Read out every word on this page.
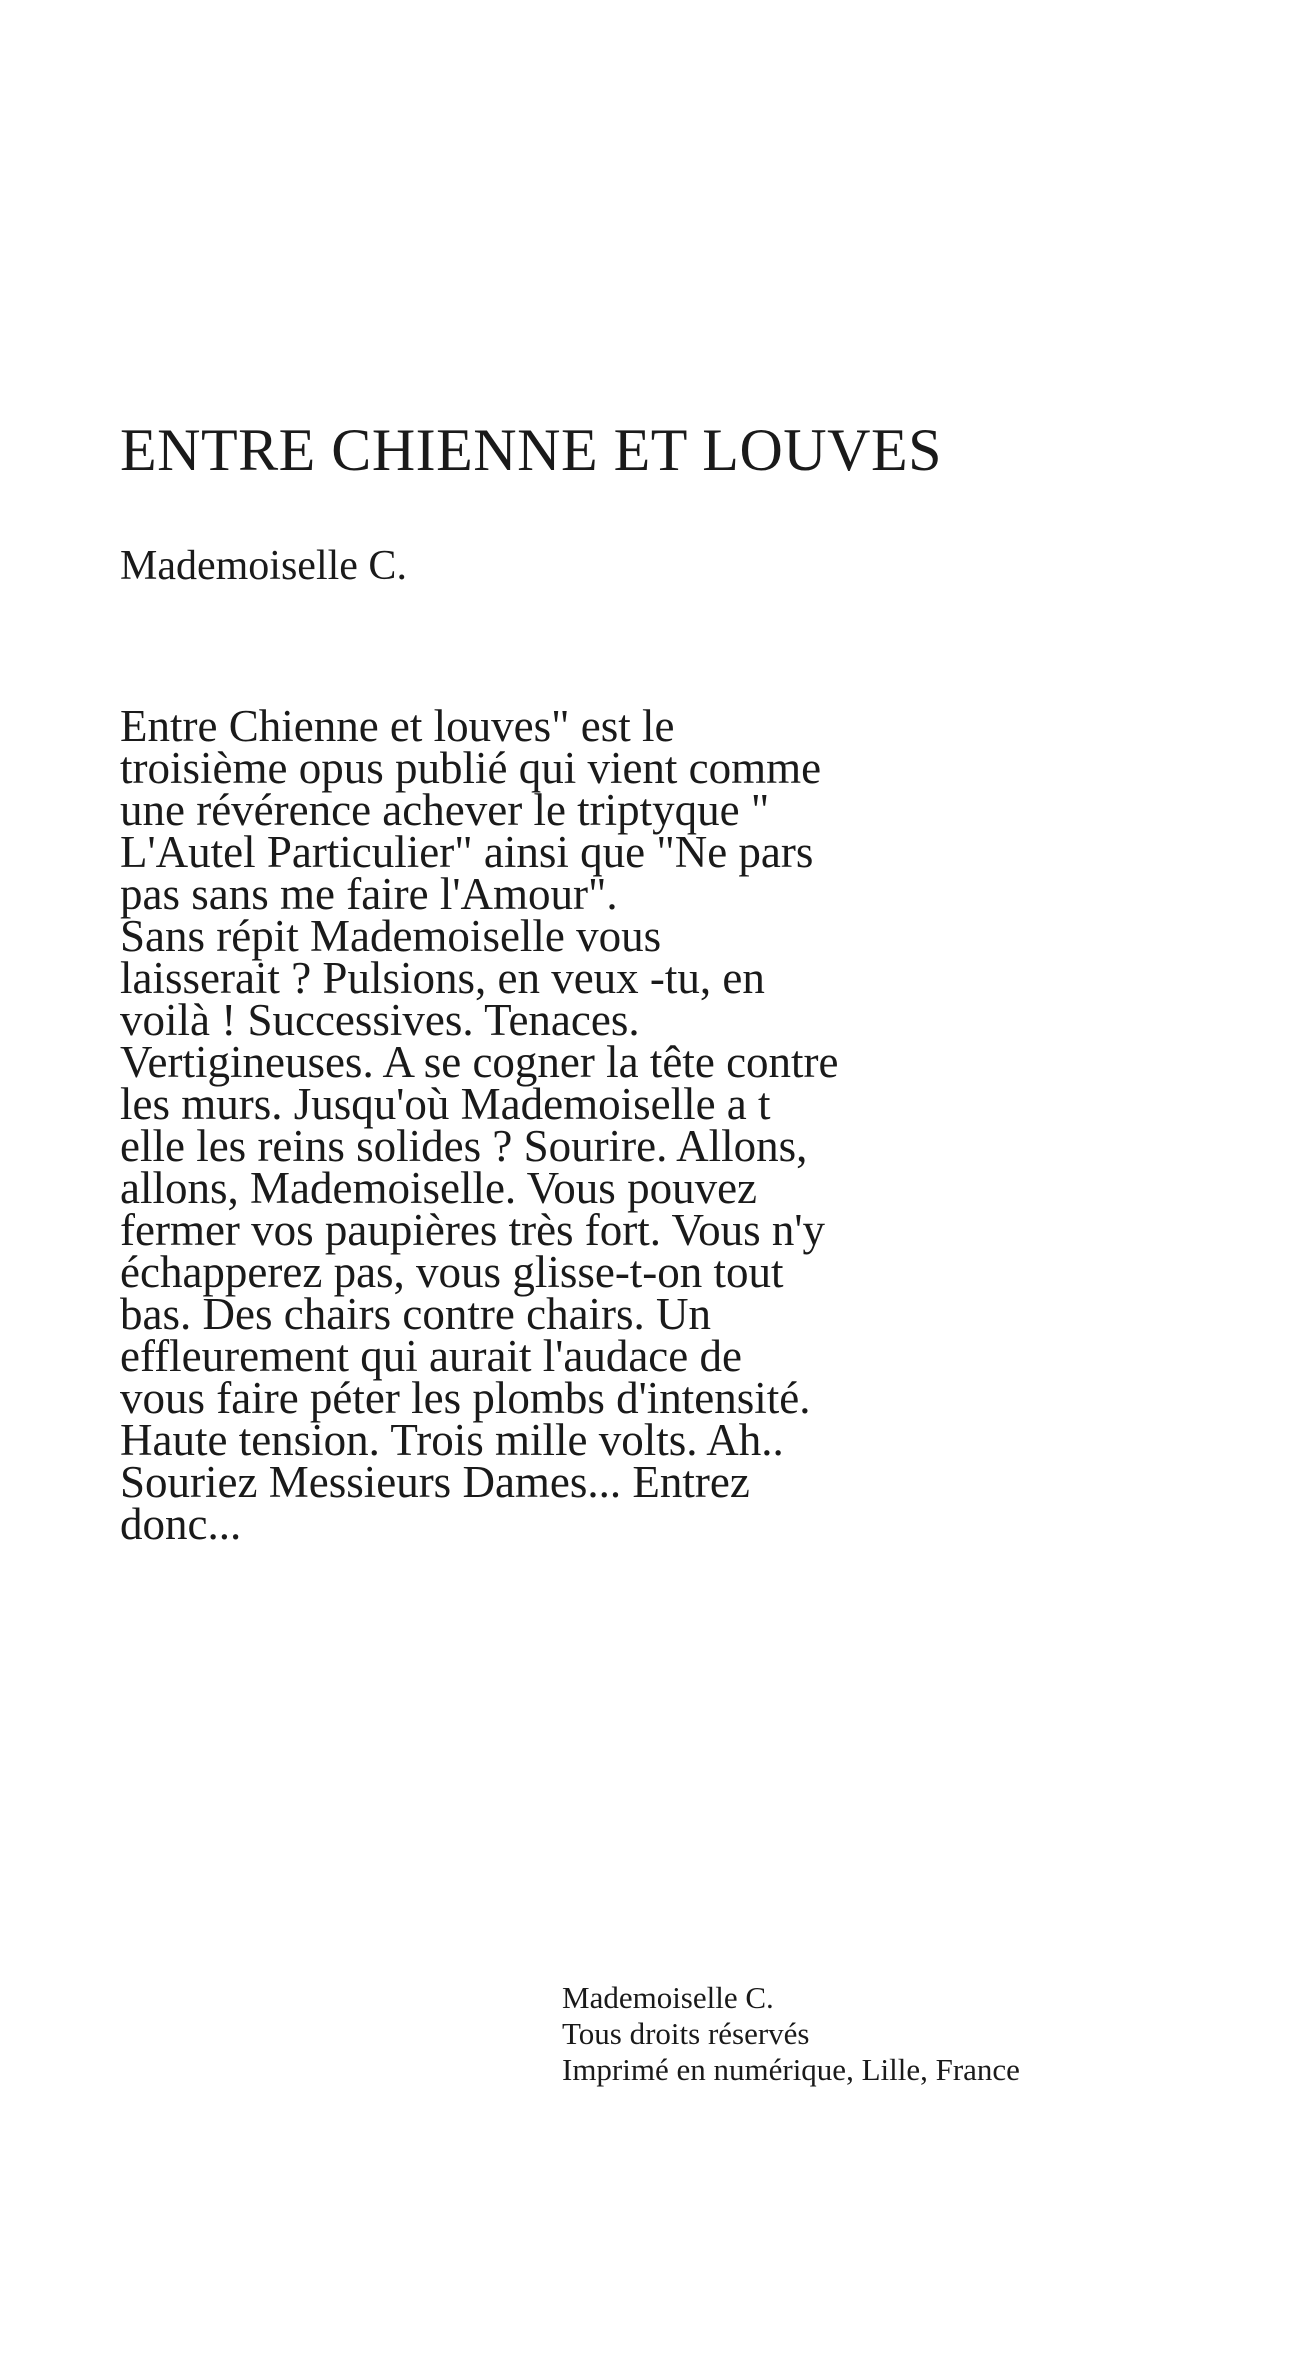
ENTRE CHIENNE ET LOUVES

Mademoiselle C.

Entre Chienne et louves" est le
troisième opus publié qui vient comme
une révérence achever le triptyque "
L'Autel Particulier" ainsi que "Ne pars
pas sans me faire l'Amour".
Sans répit Mademoiselle vous
laisserait ? Pulsions, en veux -tu, en
voilà ! Successives. Tenaces.
Vertigineuses. A se cogner la tête contre
les murs. Jusqu'où Mademoiselle a t
elle les reins solides ? Sourire. Allons,
allons, Mademoiselle. Vous pouvez
fermer vos paupières très fort. Vous n'y
échapperez pas, vous glisse-t-on tout
bas. Des chairs contre chairs. Un
effleurement qui aurait l'audace de
vous faire péter les plombs d'intensité.
Haute tension. Trois mille volts. Ah..
Souriez Messieurs Dames... Entrez
donc...
Mademoiselle C.
Tous droits réservés
Imprimé en numérique, Lille, France
